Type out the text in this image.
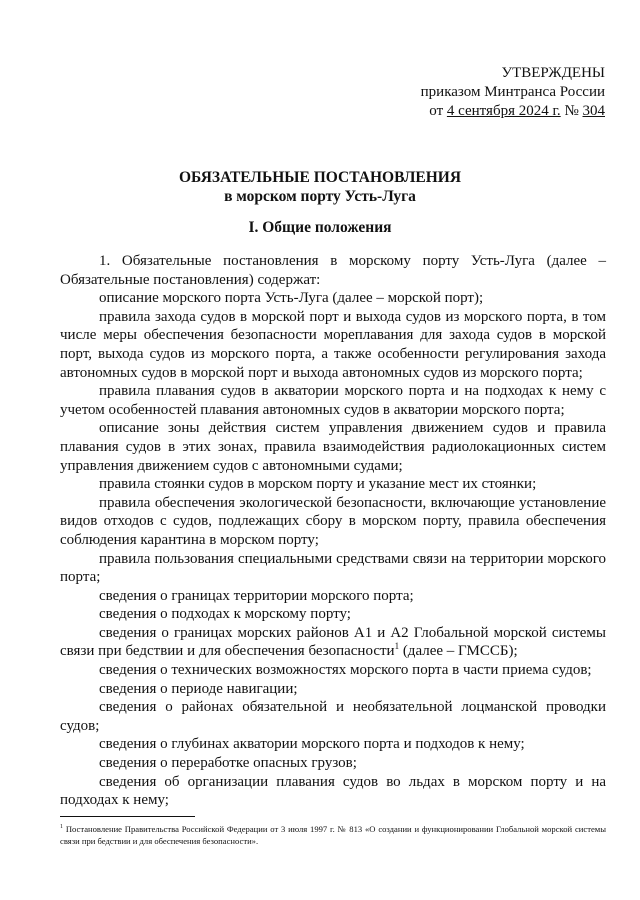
УТВЕРЖДЕНЫ
приказом Минтранса России
от 4 сентября 2024 г. № 304
ОБЯЗАТЕЛЬНЫЕ ПОСТАНОВЛЕНИЯ
в морском порту Усть-Луга
I. Общие положения

1. Обязательные постановления в морскому порту Усть-Луга (далее – Обязательные постановления) содержат:

описание морского порта Усть-Луга (далее – морской порт);

правила захода судов в морской порт и выхода судов из морского порта, в том числе меры обеспечения безопасности мореплавания для захода судов в морской порт, выхода судов из морского порта, а также особенности регулирования захода автономных судов в морской порт и выхода автономных судов из морского порта;

правила плавания судов в акватории морского порта и на подходах к нему с учетом особенностей плавания автономных судов в акватории морского порта;

описание зоны действия систем управления движением судов и правила плавания судов в этих зонах, правила взаимодействия радиолокационных систем управления движением судов с автономными судами;

правила стоянки судов в морском порту и указание мест их стоянки;

правила обеспечения экологической безопасности, включающие установление видов отходов с судов, подлежащих сбору в морском порту, правила обеспечения соблюдения карантина в морском порту;

правила пользования специальными средствами связи на территории морского порта;

сведения о границах территории морского порта;

сведения о подходах к морскому порту;

сведения о границах морских районов А1 и А2 Глобальной морской системы связи при бедствии и для обеспечения безопасности$^1$ (далее – ГМССБ);

сведения о технических возможностях морского порта в части приема судов;

сведения о периоде навигации;

сведения о районах обязательной и необязательной лоцманской проводки судов;

сведения о глубинах акватории морского порта и подходов к нему;

сведения о переработке опасных грузов;

сведения об организации плавания судов во льдах в морском порту и на подходах к нему;

$^1$ Постановление Правительства Российской Федерации от 3 июля 1997 г. № 813 «О создании и функционировании Глобальной морской системы связи при бедствии и для обеспечения безопасности».
